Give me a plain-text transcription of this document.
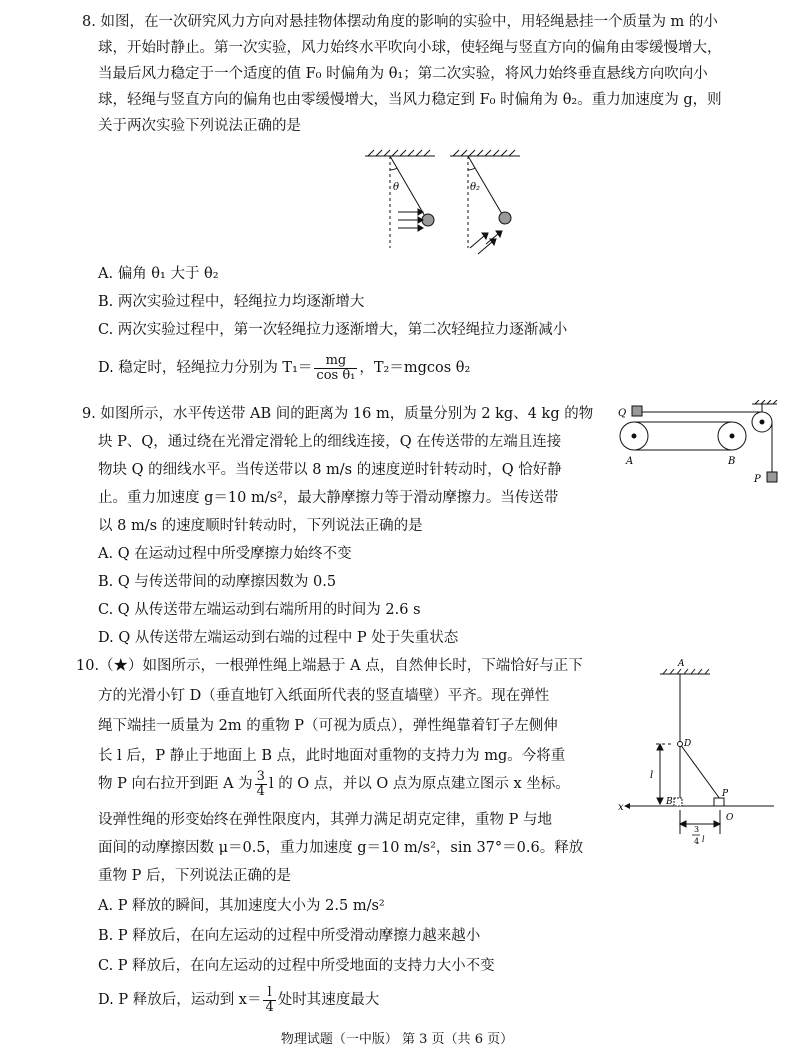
8. 如图，在一次研究风力方向对悬挂物体摆动角度的影响的实验中，用轻绳悬挂一个质量为 m 的小
球，开始时静止。第一次实验，风力始终水平吹向小球，使轻绳与竖直方向的偏角由零缓慢增大，
当最后风力稳定于一个适度的值 F₀ 时偏角为 θ₁；第二次实验，将风力始终垂直悬线方向吹向小
球，轻绳与竖直方向的偏角也由零缓慢增大，当风力稳定到 F₀ 时偏角为 θ₂。重力加速度为 g，则
关于两次实验下列说法正确的是
θ	θ₂
A. 偏角 θ₁ 大于 θ₂
B. 两次实验过程中，轻绳拉力均逐渐增大
C. 两次实验过程中，第一次轻绳拉力逐渐增大，第二次轻绳拉力逐渐减小
D. 稳定时，轻绳拉力分别为 $T_1= \frac{mg}{\text{cos θ₁}}$ ，T₂＝mgcos θ₂
9. 如图所示，水平传送带 AB 间的距离为 16 m，质量分别为 2 kg、4 kg 的物
块 P、Q，通过绕在光滑定滑轮上的细线连接，Q 在传送带的左端且连接
物块 Q 的细线水平。当传送带以 8 m/s 的速度逆时针转动时，Q 恰好静
止。重力加速度 g＝10 m/s²，最大静摩擦力等于滑动摩擦力。当传送带
以 8 m/s 的速度顺时针转动时，下列说法正确的是
A. Q 在运动过程中所受摩擦力始终不变
B. Q 与传送带间的动摩擦因数为 0.5
C. Q 从传送带左端运动到右端所用的时间为 2.6 s
D. Q 从传送带左端运动到右端的过程中 P 处于失重状态
Q
A	B
P
10.（★）如图所示，一根弹性绳上端悬于 A 点，自然伸长时，下端恰好与正下
方的光滑小钉 D（垂直地钉入纸面所代表的竖直墙壁）平齐。现在弹性
绳下端挂一质量为 2m 的重物 P（可视为质点），弹性绳靠着钉子左侧伸
长 l 后，P 静止于地面上 B 点，此时地面对重物的支持力为 mg。今将重
物 P 向右拉开到距 A 为 $\frac{3}{4}$ l 的 O 点，并以 O 点为原点建立图示 x 坐标。
设弹性绳的形变始终在弹性限度内，其弹力满足胡克定律，重物 P 与地
面间的动摩擦因数 μ＝0.5，重力加速度 g＝10 m/s²，sin 37°＝0.6。释放
重物 P 后，下列说法正确的是
A. P 释放的瞬间，其加速度大小为 2.5 m/s²
B. P 释放后，在向左运动的过程中所受滑动摩擦力越来越小
C. P 释放后，在向左运动的过程中所受地面的支持力大小不变
D. P 释放后，运动到 $x= \frac{l}{4}$ 处时其速度最大
A
D
l
x	B
P
O
3
4 l
物理试题（一中版） 第 3 页（共 6 页）
